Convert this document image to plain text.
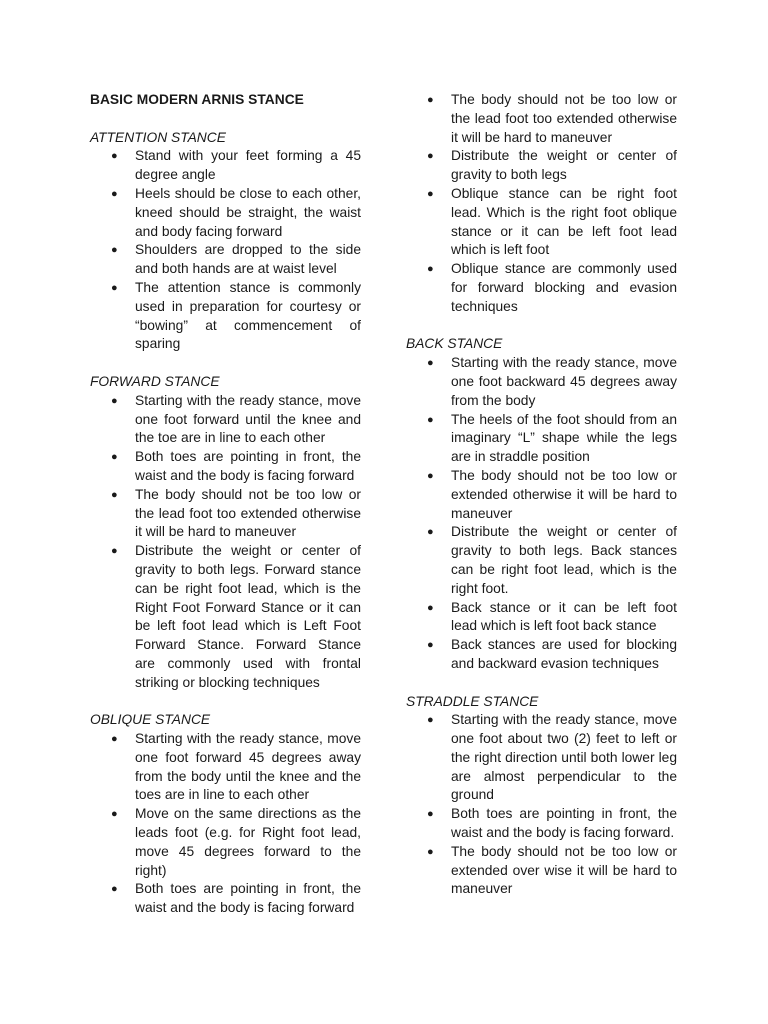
BASIC MODERN ARNIS STANCE

ATTENTION STANCE

● Stand with your feet forming a 45 degree angle
● Heels should be close to each other, kneed should be straight, the waist and body facing forward
● Shoulders are dropped to the side and both hands are at waist level
● The attention stance is commonly used in preparation for courtesy or “bowing” at commencement of sparing

FORWARD STANCE

● Starting with the ready stance, move one foot forward until the knee and the toe are in line to each other
● Both toes are pointing in front, the waist and the body is facing forward
● The body should not be too low or the lead foot too extended otherwise it will be hard to maneuver
● Distribute the weight or center of gravity to both legs. Forward stance can be right foot lead, which is the Right Foot Forward Stance or it can be left foot lead which is Left Foot Forward Stance. Forward Stance are commonly used with frontal striking or blocking techniques

OBLIQUE STANCE

● Starting with the ready stance, move one foot forward 45 degrees away from the body until the knee and the toes are in line to each other
● Move on the same directions as the leads foot (e.g. for Right foot lead, move 45 degrees forward to the right)
● Both toes are pointing in front, the waist and the body is facing forward
● The body should not be too low or the lead foot too extended otherwise it will be hard to maneuver
● Distribute the weight or center of gravity to both legs
● Oblique stance can be right foot lead. Which is the right foot oblique stance or it can be left foot lead which is left foot
● Oblique stance are commonly used for forward blocking and evasion techniques

BACK STANCE

● Starting with the ready stance, move one foot backward 45 degrees away from the body
● The heels of the foot should from an imaginary “L” shape while the legs are in straddle position
● The body should not be too low or extended otherwise it will be hard to maneuver
● Distribute the weight or center of gravity to both legs. Back stances can be right foot lead, which is the right foot.
● Back stance or it can be left foot lead which is left foot back stance
● Back stances are used for blocking and backward evasion techniques

STRADDLE STANCE

● Starting with the ready stance, move one foot about two (2) feet to left or the right direction until both lower leg are almost perpendicular to the ground
● Both toes are pointing in front, the waist and the body is facing forward.
● The body should not be too low or extended over wise it will be hard to maneuver
